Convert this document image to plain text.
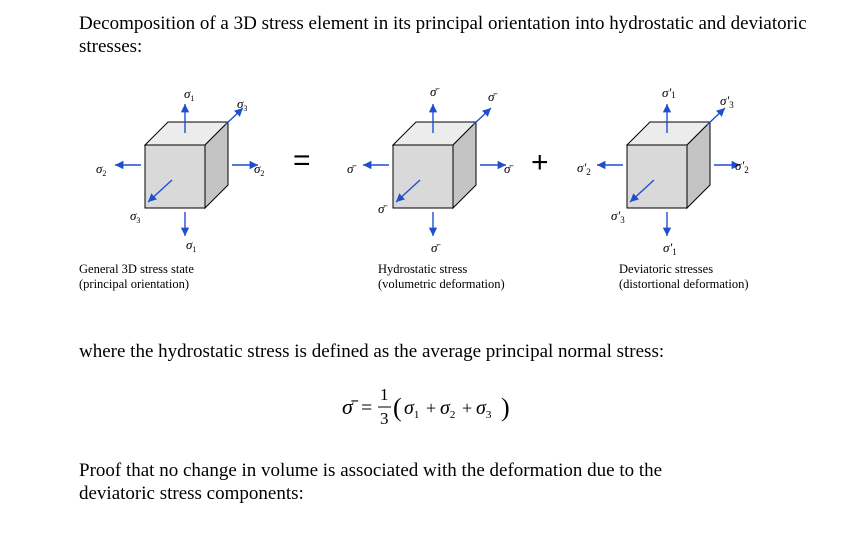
Decomposition of a 3D stress element in its principal orientation into hydrostatic and deviatoric stresses:
$\sigma_1$	$\sigma_3$
$\sigma_2$	$\sigma_2$
$\sigma_3$
$\sigma_1$
=
σ̄	σ̄
σ̄	σ̄
σ̄
σ̄
+
σ'1	$\sigma'_3$
$\sigma'_2$	$\sigma'_2$
$\sigma'_3$
$\sigma'_1$
General 3D stress state
(principal orientation)
Hydrostatic stress
(volumetric deformation)
Deviatoric stresses
(distortional deformation)

where the hydrostatic stress is defined as the average principal normal stress:

σ̄ =
1
3 ( $\sigma_1 + \sigma_2 + \sigma_3$ )

Proof that no change in volume is associated with the deformation due to the deviatoric stress components:
